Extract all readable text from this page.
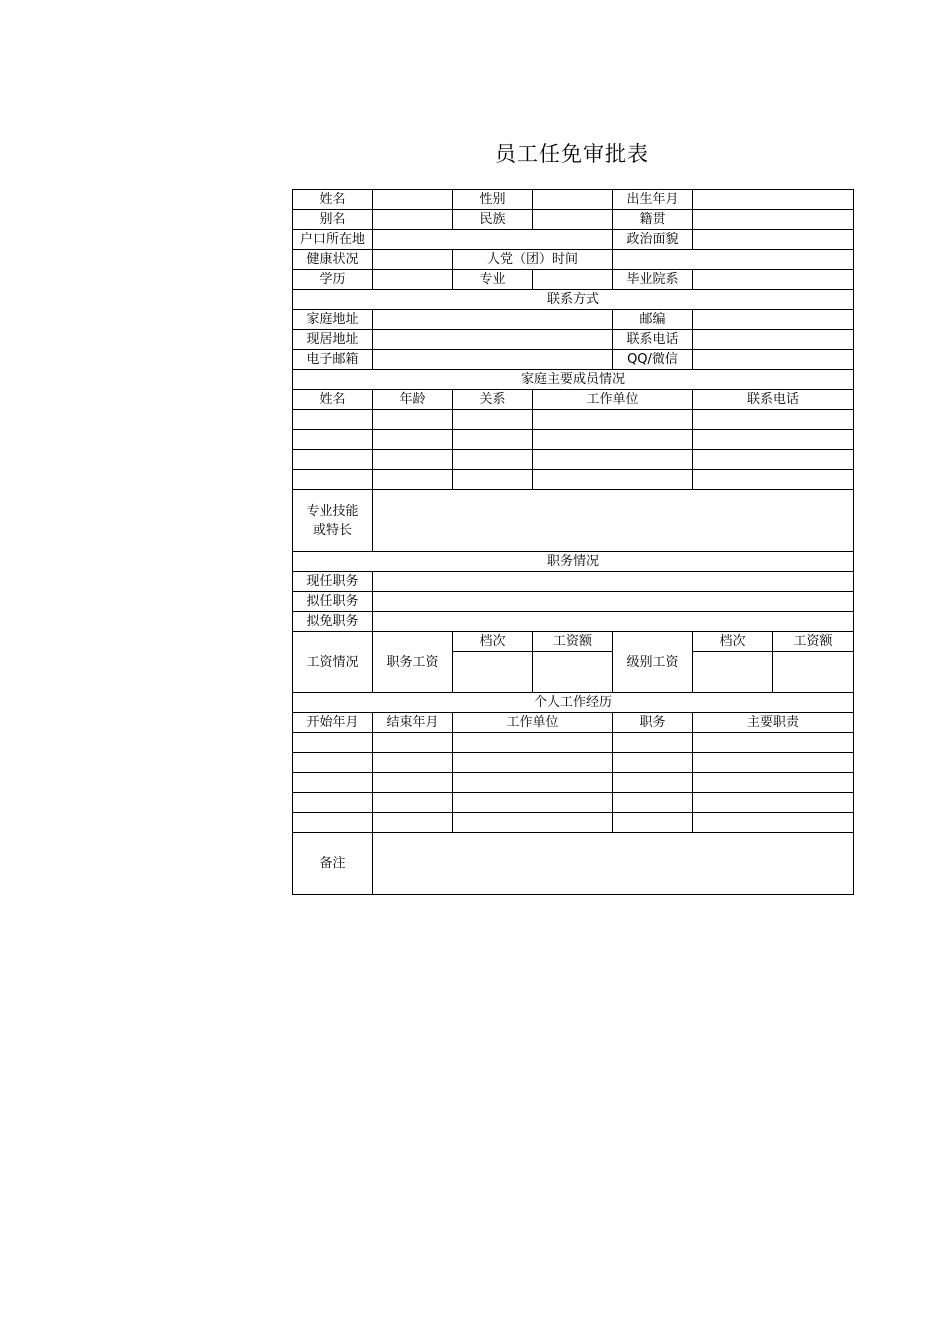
员工任免审批表
姓名		性别		出生年月		
别名		民族		籍贯		
户口所在地				政治面貌		
健康状况		人党（团）时间				
学历		专业		毕业院系		
联系方式						
家庭地址				邮编		
现居地址				联系电话		
电子邮箱				QQ/微信		
家庭主要成员情况						
姓名	年龄	关系	工作单位		联系电话	

专业技能
或特长						

职务情况						
现任职务						
拟任职务						
拟免职务						
工资情况	职务工资	档次	工资额	级别工资	档次	工资额

个人工作经历						
开始年月	结束年月	工作单位		职务	主要职责	

备注						
